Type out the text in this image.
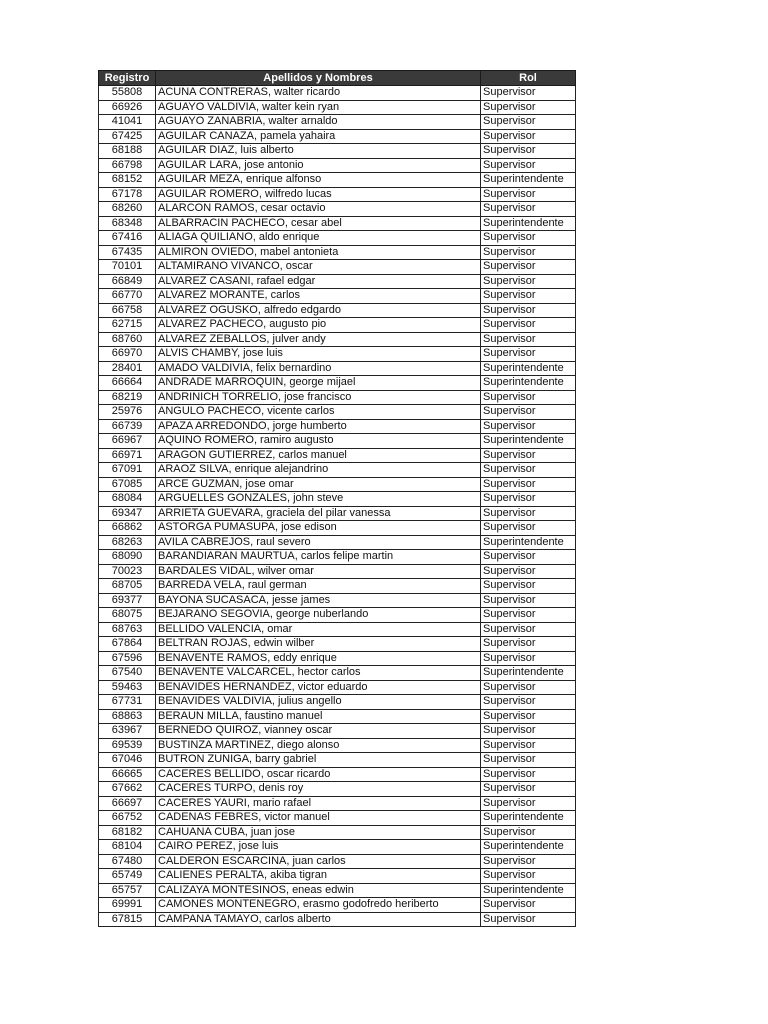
Registro	Apellidos y Nombres	Rol
55808	ACUNA CONTRERAS, walter ricardo	Supervisor
66926	AGUAYO VALDIVIA, walter kein ryan	Supervisor
41041	AGUAYO ZANABRIA, walter arnaldo	Supervisor
67425	AGUILAR CANAZA, pamela yahaira	Supervisor
68188	AGUILAR DIAZ, luis alberto	Supervisor
66798	AGUILAR LARA, jose antonio	Supervisor
68152	AGUILAR MEZA, enrique alfonso	Superintendente
67178	AGUILAR ROMERO, wilfredo lucas	Supervisor
68260	ALARCON RAMOS, cesar octavio	Supervisor
68348	ALBARRACIN PACHECO, cesar abel	Superintendente
67416	ALIAGA QUILIANO, aldo enrique	Supervisor
67435	ALMIRON OVIEDO, mabel antonieta	Supervisor
70101	ALTAMIRANO VIVANCO, oscar	Supervisor
66849	ALVAREZ CASANI, rafael edgar	Supervisor
66770	ALVAREZ MORANTE, carlos	Supervisor
66758	ALVAREZ OGUSKO, alfredo edgardo	Supervisor
62715	ALVAREZ PACHECO, augusto pio	Supervisor
68760	ALVAREZ ZEBALLOS, julver andy	Supervisor
66970	ALVIS CHAMBY, jose luis	Supervisor
28401	AMADO VALDIVIA, felix bernardino	Superintendente
66664	ANDRADE MARROQUIN, george mijael	Superintendente
68219	ANDRINICH TORRELIO, jose francisco	Supervisor
25976	ANGULO PACHECO, vicente carlos	Supervisor
66739	APAZA ARREDONDO, jorge humberto	Supervisor
66967	AQUINO ROMERO, ramiro augusto	Superintendente
66971	ARAGON GUTIERREZ, carlos manuel	Supervisor
67091	ARAOZ SILVA, enrique alejandrino	Supervisor
67085	ARCE GUZMAN, jose omar	Supervisor
68084	ARGUELLES GONZALES, john steve	Supervisor
69347	ARRIETA GUEVARA, graciela del pilar vanessa	Supervisor
66862	ASTORGA PUMASUPA, jose edison	Supervisor
68263	AVILA CABREJOS, raul severo	Superintendente
68090	BARANDIARAN MAURTUA, carlos felipe martin	Supervisor
70023	BARDALES VIDAL, wilver omar	Supervisor
68705	BARREDA VELA, raul german	Supervisor
69377	BAYONA SUCASACA, jesse james	Supervisor
68075	BEJARANO SEGOVIA, george nuberlando	Supervisor
68763	BELLIDO VALENCIA, omar	Supervisor
67864	BELTRAN ROJAS, edwin wilber	Supervisor
67596	BENAVENTE RAMOS, eddy enrique	Supervisor
67540	BENAVENTE VALCARCEL, hector carlos	Superintendente
59463	BENAVIDES HERNANDEZ, victor eduardo	Supervisor
67731	BENAVIDES VALDIVIA, julius angello	Supervisor
68863	BERAUN MILLA, faustino manuel	Supervisor
63967	BERNEDO QUIROZ, vianney oscar	Supervisor
69539	BUSTINZA MARTINEZ, diego alonso	Supervisor
67046	BUTRON ZUNIGA, barry gabriel	Supervisor
66665	CACERES BELLIDO, oscar ricardo	Supervisor
67662	CACERES TURPO, denis roy	Supervisor
66697	CACERES YAURI, mario rafael	Supervisor
66752	CADENAS FEBRES, victor manuel	Superintendente
68182	CAHUANA CUBA, juan jose	Supervisor
68104	CAIRO PEREZ, jose luis	Superintendente
67480	CALDERON ESCARCINA, juan carlos	Supervisor
65749	CALIENES PERALTA, akiba tigran	Supervisor
65757	CALIZAYA MONTESINOS, eneas edwin	Superintendente
69991	CAMONES MONTENEGRO, erasmo godofredo heriberto	Supervisor
67815	CAMPANA TAMAYO, carlos alberto	Supervisor
